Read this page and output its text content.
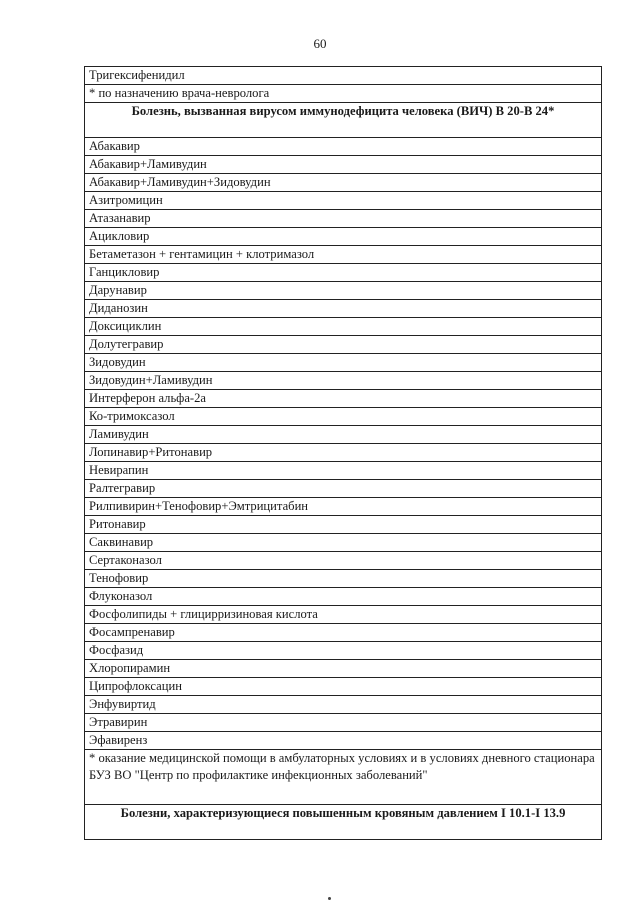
60
Тригексифенидил
* по назначению врача-невролога
Болезнь, вызванная вирусом иммунодефицита человека (ВИЧ) В 20-В 24*
Абакавир
Абакавир+Ламивудин
Абакавир+Ламивудин+Зидовудин
Азитромицин
Атазанавир
Ацикловир
Бетаметазон + гентамицин + клотримазол
Ганцикловир
Дарунавир
Диданозин
Доксициклин
Долутегравир
Зидовудин
Зидовудин+Ламивудин
Интерферон альфа-2а
Ко-тримоксазол
Ламивудин
Лопинавир+Ритонавир
Невирапин
Ралтегравир
Рилпивирин+Тенофовир+Эмтрицитабин
Ритонавир
Саквинавир
Сертаконазол
Тенофовир
Флуконазол
Фосфолипиды + глицирризиновая кислота
Фосампренавир
Фосфазид
Хлоропирамин
Ципрофлоксацин
Энфувиртид
Этравирин
Эфавиренз
* оказание медицинской помощи в амбулаторных условиях и в условиях дневного стационара БУЗ ВО "Центр по профилактике инфекционных заболеваний"
Болезни, характеризующиеся повышенным кровяным давлением I 10.1-I 13.9
